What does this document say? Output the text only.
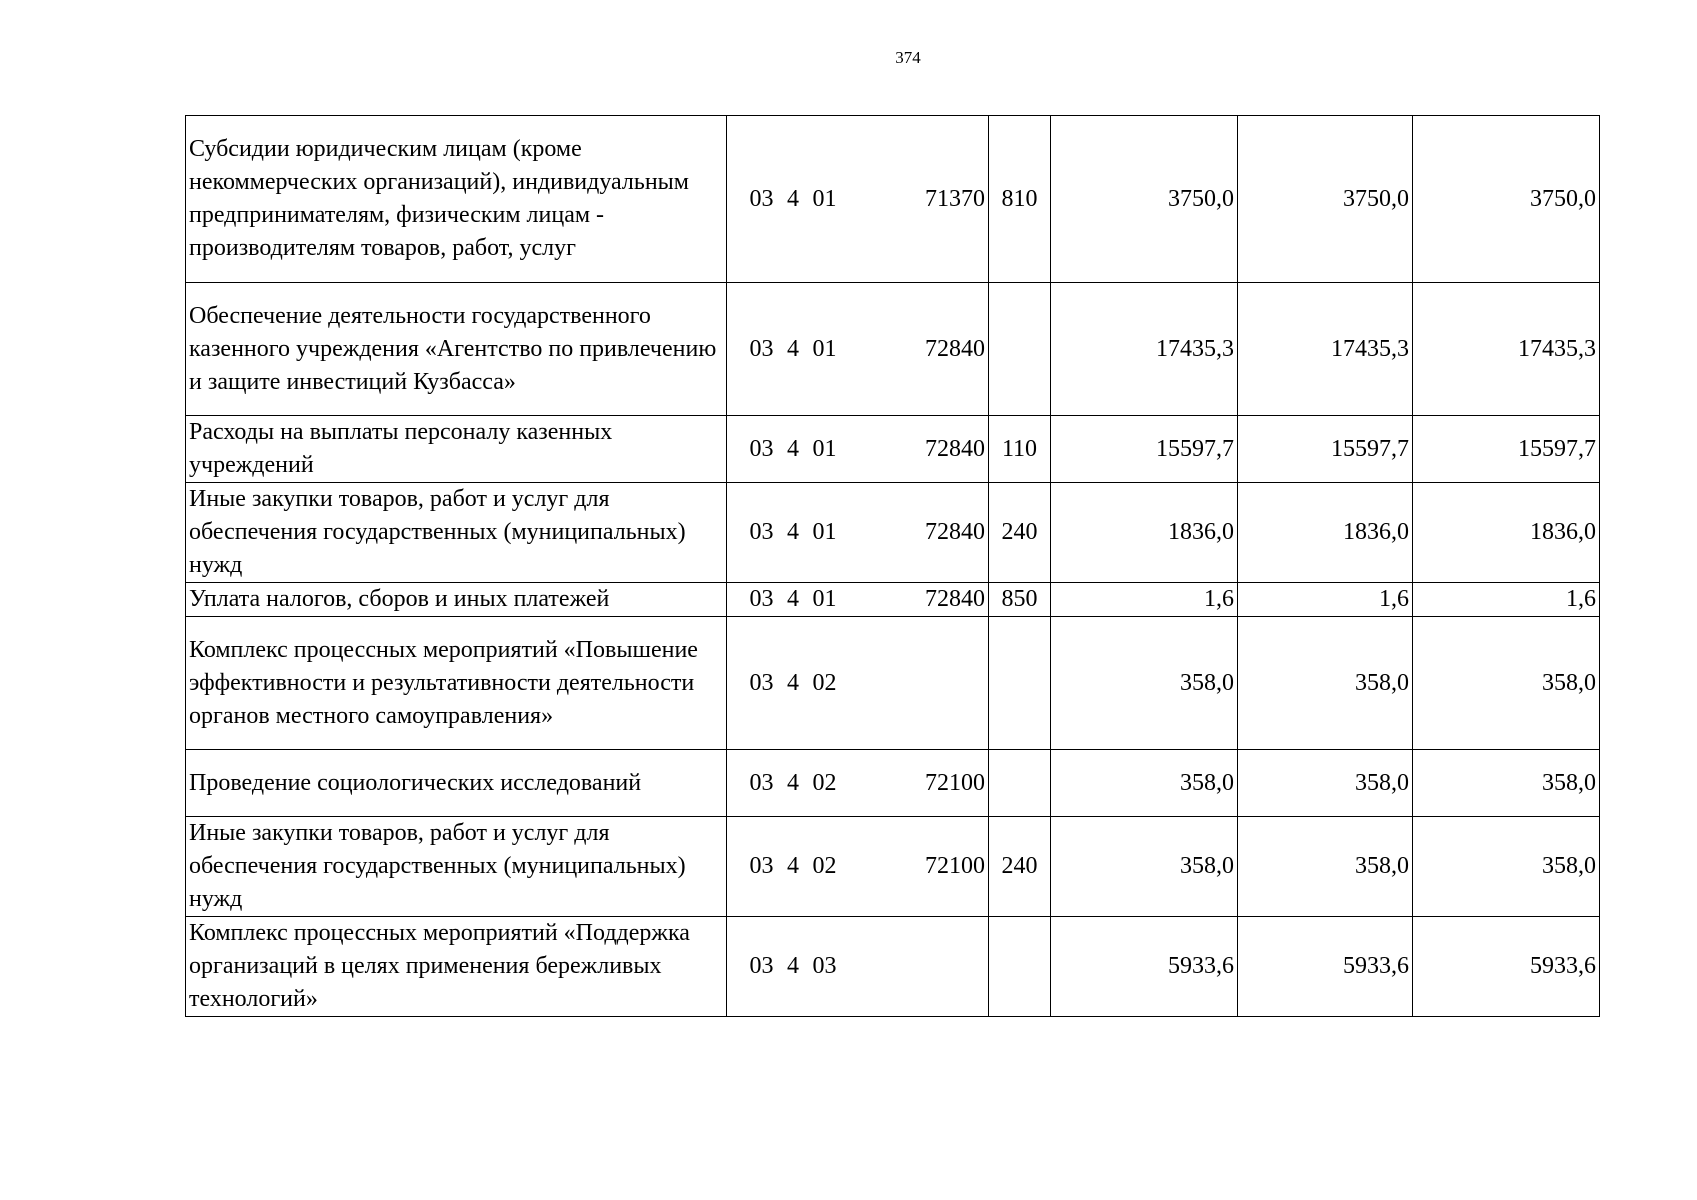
374
Субсидии юридическим лицам (кроме некоммерческих организаций), индивидуальным предпринимателям, физическим лицам - производителям товаров, работ, услуг	03	4	01	71370	810	3750,0	3750,0	3750,0
Обеспечение деятельности государственного казенного учреждения «Агентство по привлечению и защите инвестиций Кузбасса»	03	4	01	72840		17435,3	17435,3	17435,3
Расходы на выплаты персоналу казенных учреждений	03	4	01	72840	110	15597,7	15597,7	15597,7
Иные закупки товаров, работ и услуг для обеспечения государственных (муниципальных) нужд	03	4	01	72840	240	1836,0	1836,0	1836,0
Уплата налогов, сборов и иных платежей	03	4	01	72840	850	1,6	1,6	1,6
Комплекс процессных мероприятий «Повышение эффективности и результативности деятельности органов местного самоуправления»	03	4	02			358,0	358,0	358,0
Проведение социологических исследований	03	4	02	72100		358,0	358,0	358,0
Иные закупки товаров, работ и услуг для обеспечения государственных (муниципальных) нужд	03	4	02	72100	240	358,0	358,0	358,0
Комплекс процессных мероприятий «Поддержка организаций в целях применения бережливых технологий»	03	4	03			5933,6	5933,6	5933,6
